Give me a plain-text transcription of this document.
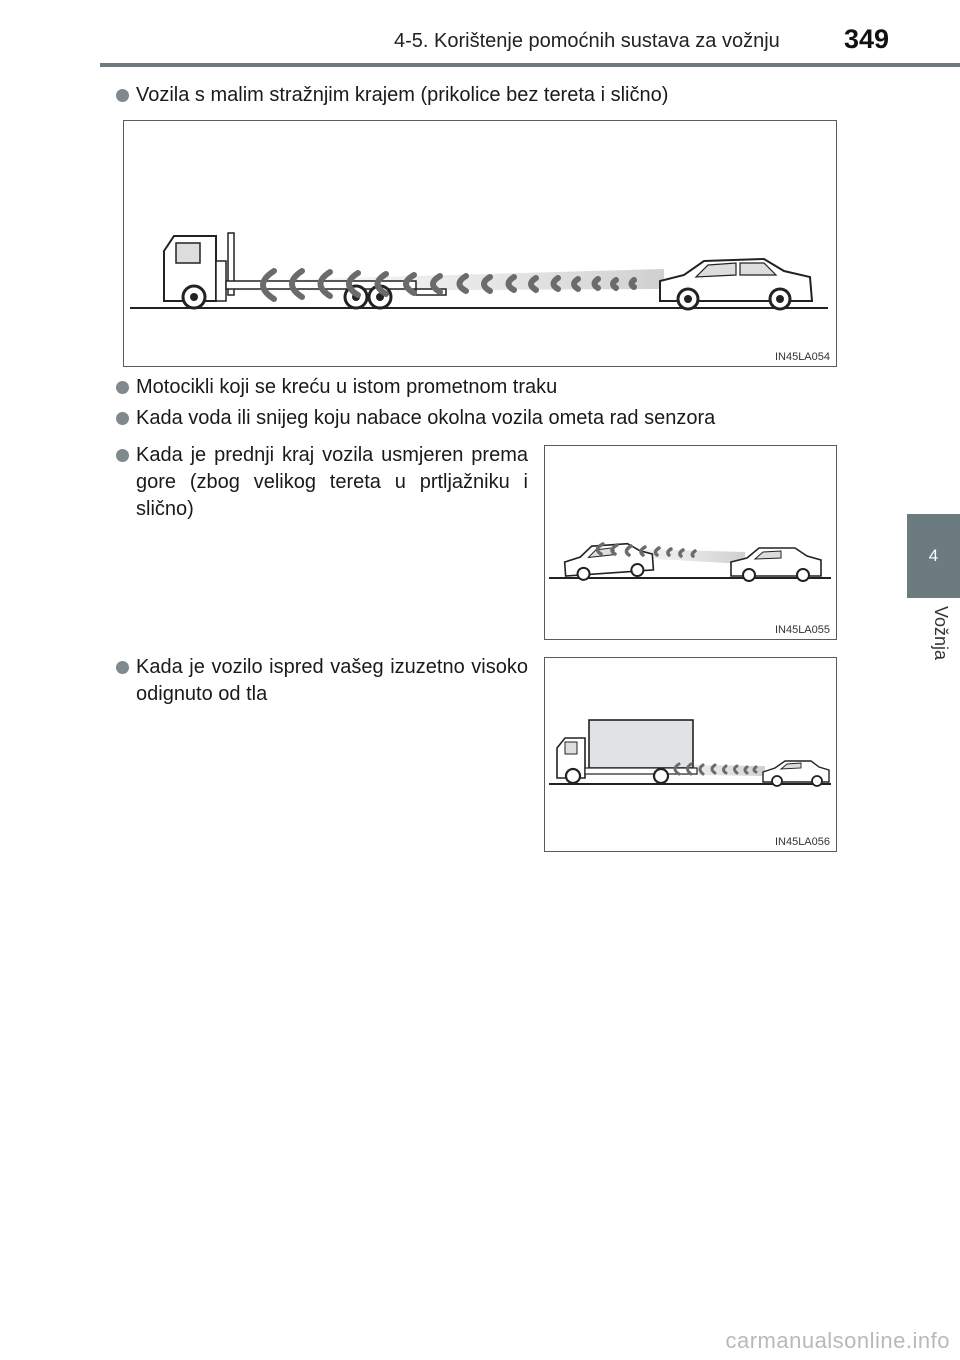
4-5. Korištenje pomoćnih sustava za vožnju 349
4
Vožnja
Vozila s malim stražnjim krajem (prikolice bez tereta i slično)
IN45LA054
Motocikli koji se kreću u istom prometnom traku
Kada voda ili snijeg koju nabace okolna vozila ometa rad senzora
Kada je prednji kraj vozila usmjeren prema gore (zbog velikog tereta u prtljažniku i slično)
IN45LA055
Kada je vozilo ispred vašeg izuzetno visoko odignuto od tla
IN45LA056
carmanualsonline.info
